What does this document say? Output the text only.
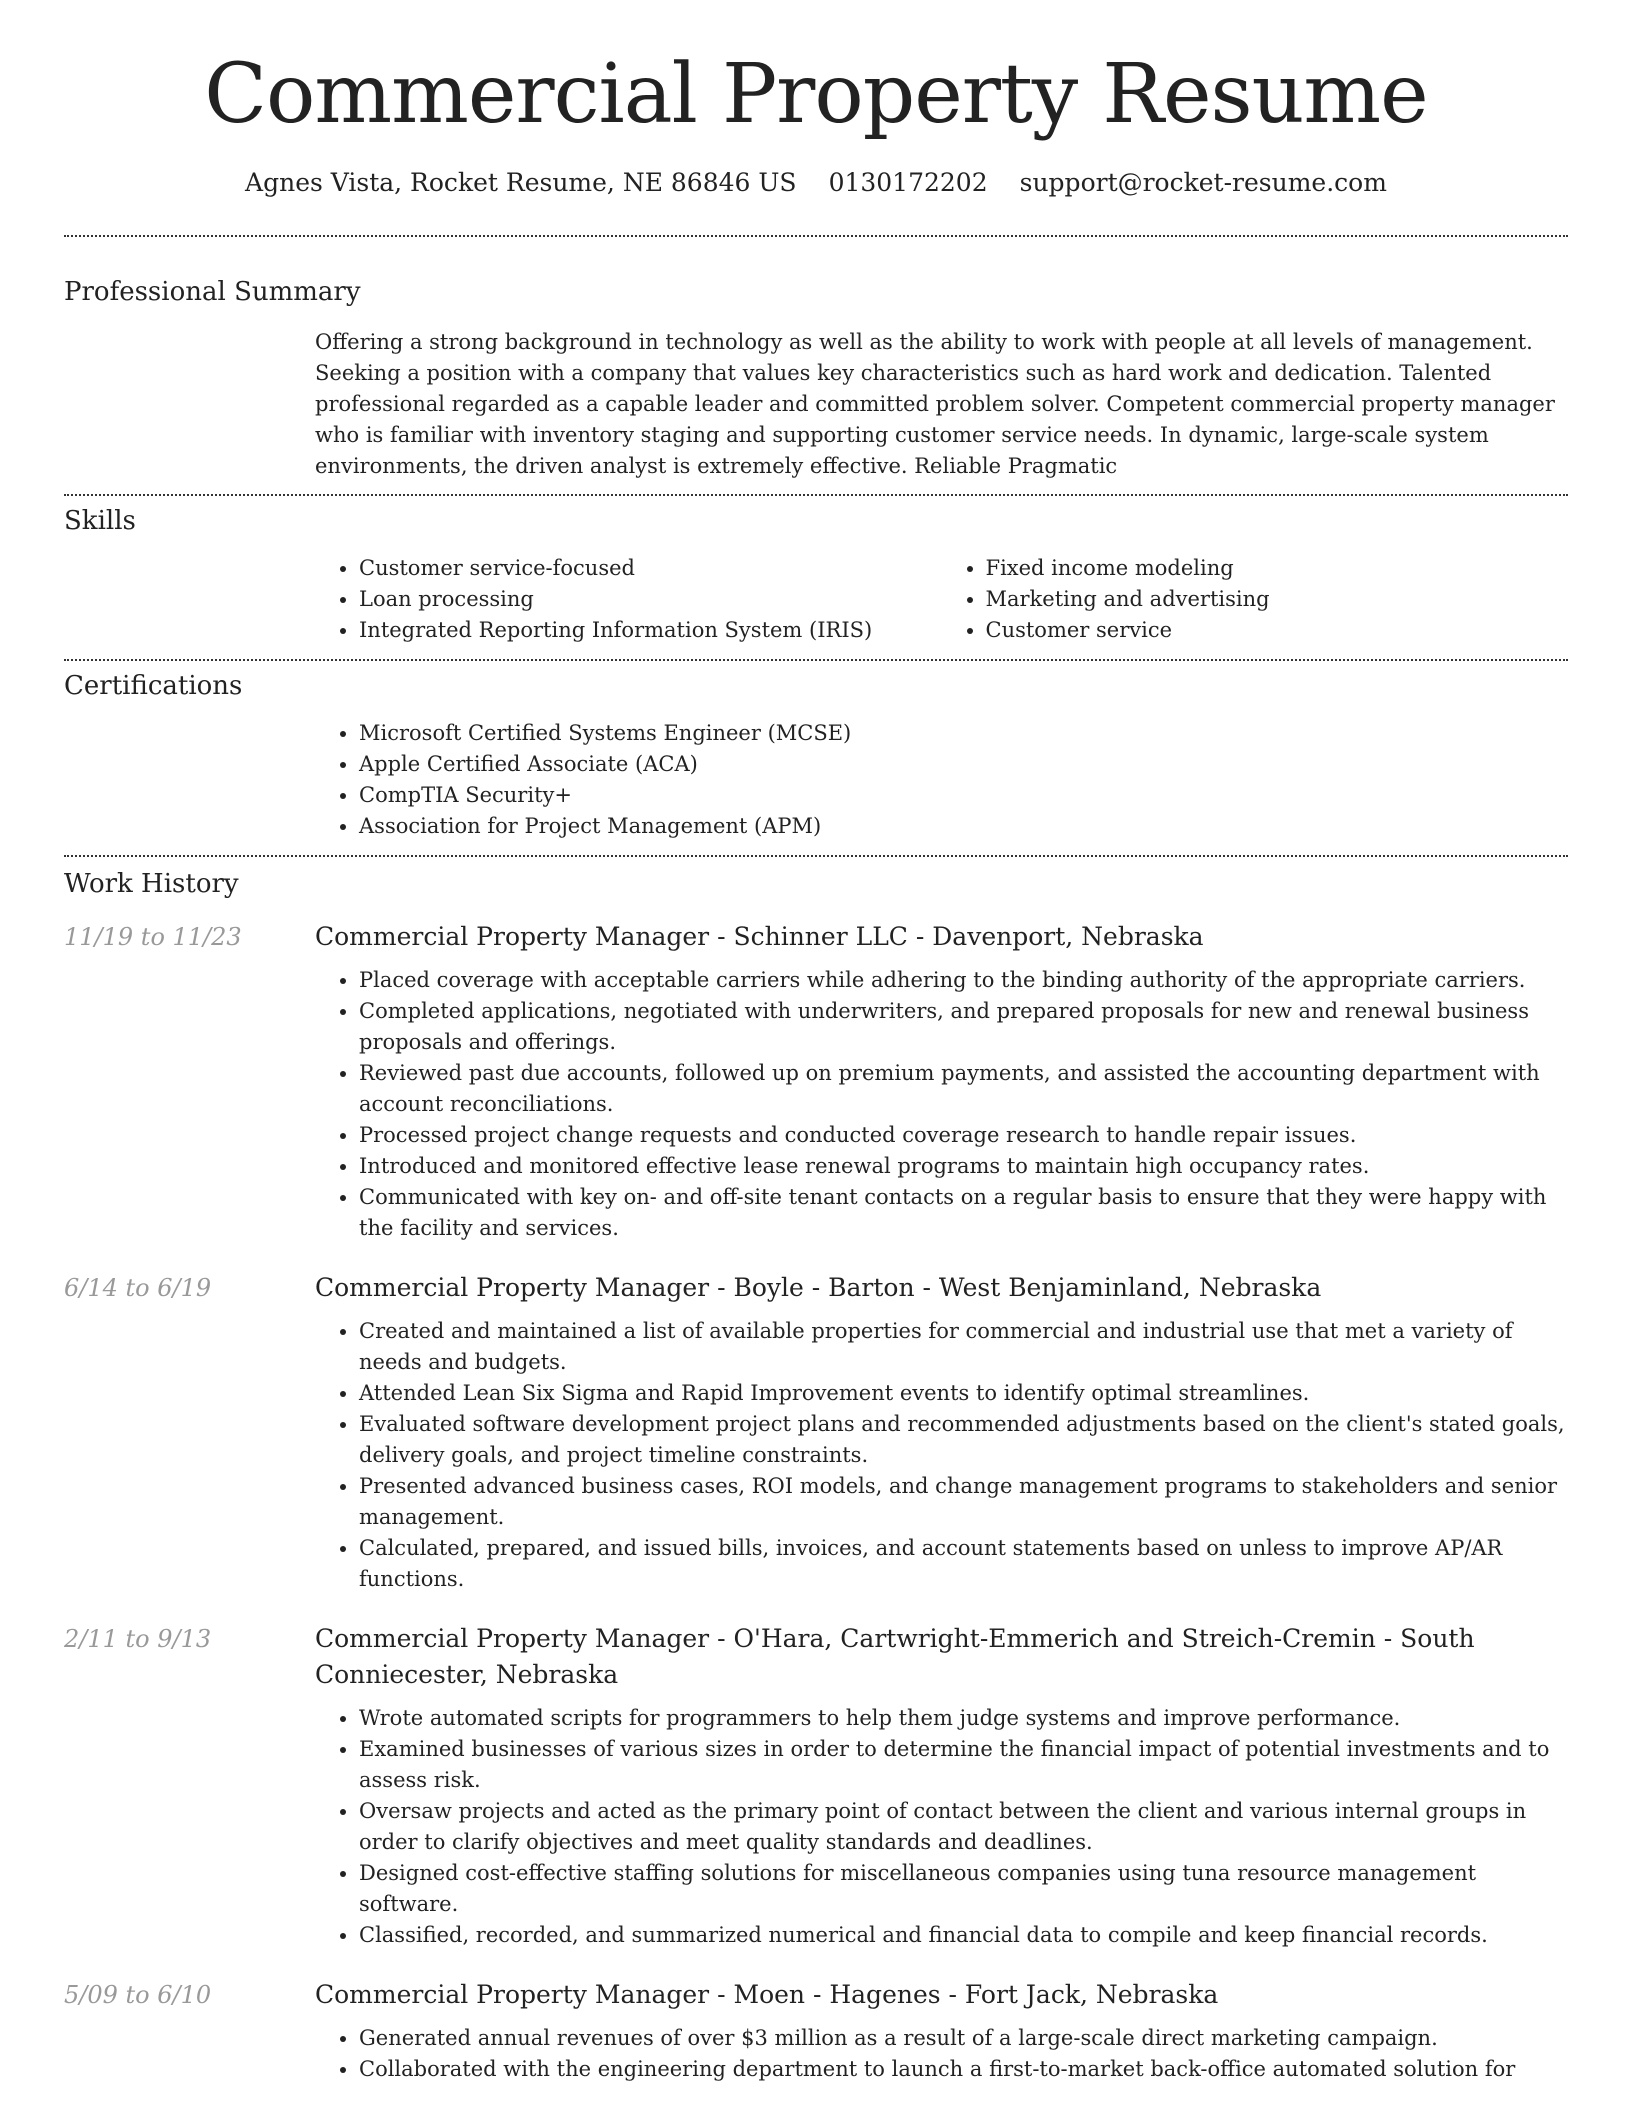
Commercial Property Resume
Agnes Vista, Rocket Resume, NE 86846 US 0130172202 support@rocket-resume.com
Professional Summary
Offering a strong background in technology as well as the ability to work with people at all levels of management. Seeking a position with a company that values key characteristics such as hard work and dedication. Talented professional regarded as a capable leader and committed problem solver. Competent commercial property manager who is familiar with inventory staging and supporting customer service needs. In dynamic, large-scale system environments, the driven analyst is extremely effective. Reliable Pragmatic
Skills
• Customer service-focused
• Loan processing
• Integrated Reporting Information System (IRIS)
• Fixed income modeling
• Marketing and advertising
• Customer service
Certifications
• Microsoft Certified Systems Engineer (MCSE)
• Apple Certified Associate (ACA)
• CompTIA Security+
• Association for Project Management (APM)
Work History
11/19 to 11/23	Commercial Property Manager - Schinner LLC - Davenport, Nebraska
• Placed coverage with acceptable carriers while adhering to the binding authority of the appropriate carriers.
• Completed applications, negotiated with underwriters, and prepared proposals for new and renewal business proposals and offerings.
• Reviewed past due accounts, followed up on premium payments, and assisted the accounting department with account reconciliations.
• Processed project change requests and conducted coverage research to handle repair issues.
• Introduced and monitored effective lease renewal programs to maintain high occupancy rates.
• Communicated with key on- and off-site tenant contacts on a regular basis to ensure that they were happy with the facility and services.
6/14 to 6/19	Commercial Property Manager - Boyle - Barton - West Benjaminland, Nebraska
• Created and maintained a list of available properties for commercial and industrial use that met a variety of needs and budgets.
• Attended Lean Six Sigma and Rapid Improvement events to identify optimal streamlines.
• Evaluated software development project plans and recommended adjustments based on the client's stated goals, delivery goals, and project timeline constraints.
• Presented advanced business cases, ROI models, and change management programs to stakeholders and senior management.
• Calculated, prepared, and issued bills, invoices, and account statements based on unless to improve AP/AR functions.
2/11 to 9/13	Commercial Property Manager - O'Hara, Cartwright-Emmerich and Streich-Cremin - South Conniecester, Nebraska
• Wrote automated scripts for programmers to help them judge systems and improve performance.
• Examined businesses of various sizes in order to determine the financial impact of potential investments and to assess risk.
• Oversaw projects and acted as the primary point of contact between the client and various internal groups in order to clarify objectives and meet quality standards and deadlines.
• Designed cost-effective staffing solutions for miscellaneous companies using tuna resource management software.
• Classified, recorded, and summarized numerical and financial data to compile and keep financial records.
5/09 to 6/10	Commercial Property Manager - Moen - Hagenes - Fort Jack, Nebraska
• Generated annual revenues of over $3 million as a result of a large-scale direct marketing campaign.
• Collaborated with the engineering department to launch a first-to-market back-office automated solution for
